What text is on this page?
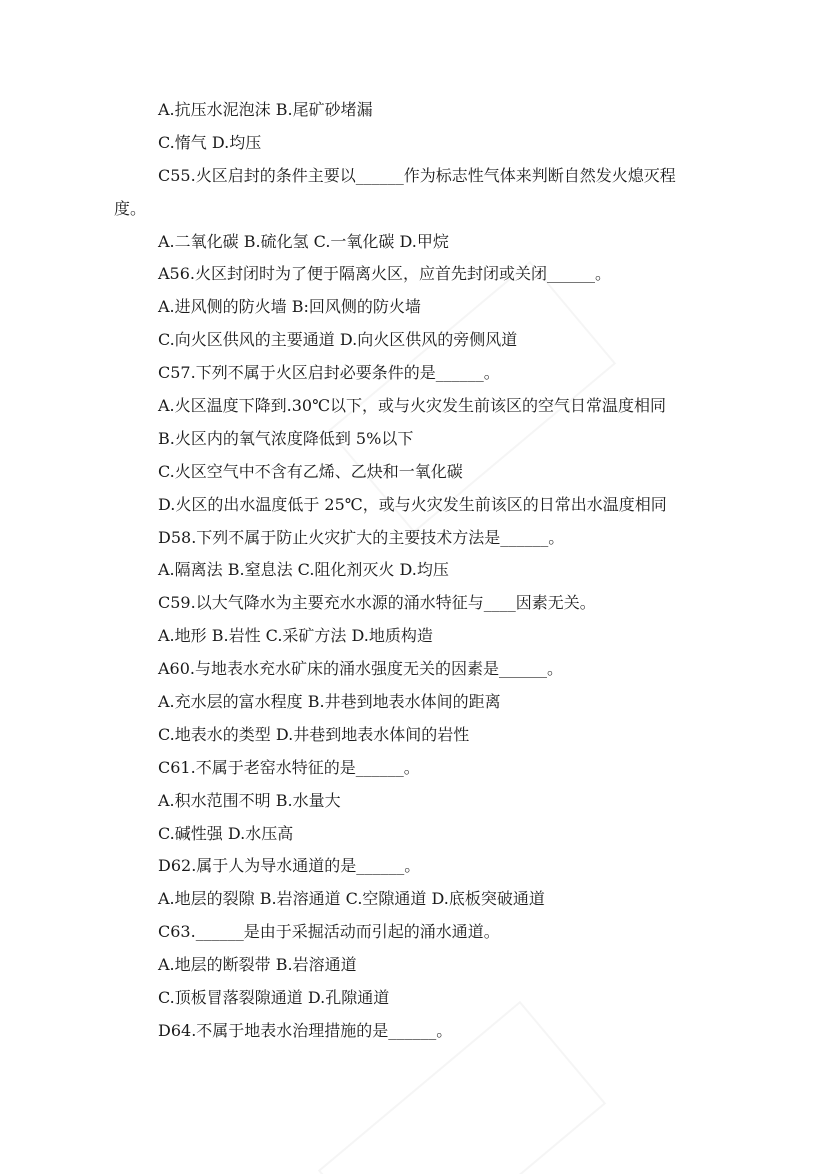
A.抗压水泥泡沫 B.尾矿砂堵漏
C.惰气 D.均压
C55.火区启封的条件主要以______作为标志性气体来判断自然发火熄灭程
度。
A.二氧化碳 B.硫化氢 C.一氧化碳 D.甲烷
A56.火区封闭时为了便于隔离火区，应首先封闭或关闭______。
A.进风侧的防火墙 B:回风侧的防火墙
C.向火区供风的主要通道 D.向火区供风的旁侧风道
C57.下列不属于火区启封必要条件的是______。
A.火区温度下降到.30℃以下，或与火灾发生前该区的空气日常温度相同
B.火区内的氧气浓度降低到 5%以下
C.火区空气中不含有乙烯、乙炔和一氧化碳
D.火区的出水温度低于 25℃，或与火灾发生前该区的日常出水温度相同
D58.下列不属于防止火灾扩大的主要技术方法是______。
A.隔离法 B.窒息法 C.阻化剂灭火 D.均压
C59.以大气降水为主要充水水源的涌水特征与____因素无关。
A.地形 B.岩性 C.采矿方法 D.地质构造
A60.与地表水充水矿床的涌水强度无关的因素是______。
A.充水层的富水程度 B.井巷到地表水体间的距离
C.地表水的类型 D.井巷到地表水体间的岩性
C61.不属于老窑水特征的是______。
A.积水范围不明 B.水量大
C.碱性强 D.水压高
D62.属于人为导水通道的是______。
A.地层的裂隙 B.岩溶通道 C.空隙通道 D.底板突破通道
C63.______是由于采掘活动而引起的涌水通道。
A.地层的断裂带 B.岩溶通道
C.顶板冒落裂隙通道 D.孔隙通道
D64.不属于地表水治理措施的是______。
